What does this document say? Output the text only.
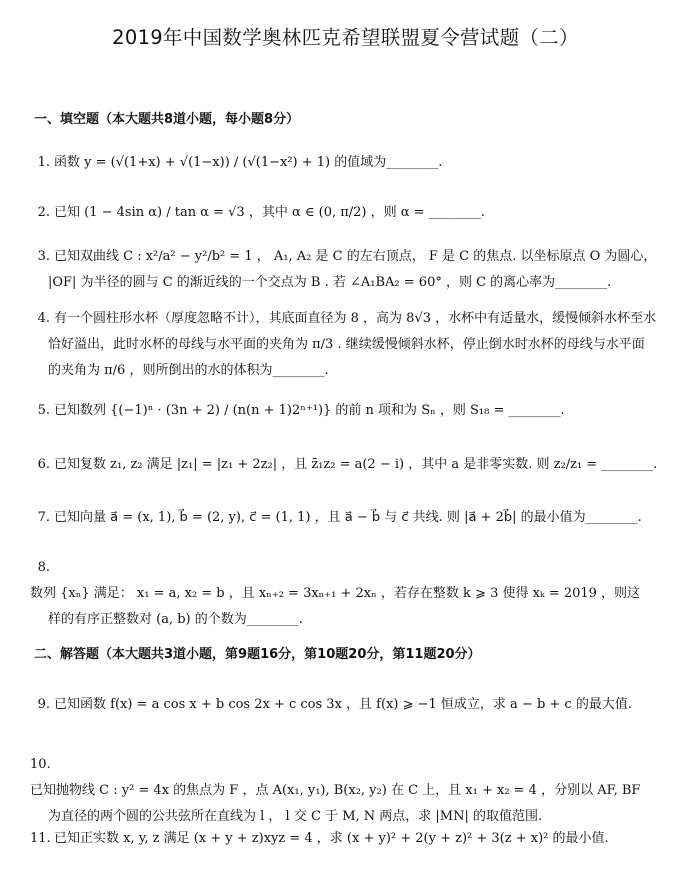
2019年中国数学奥林匹克希望联盟夏令营试题（二）
一、填空题（本大题共8道小题，每小题8分）
1. 函数 y = (√(1+x) + √(1−x)) / (√(1−x²) + 1) 的值域为________.
2. 已知 (1 − 4sin α) / tan α = √3 ，其中 α ∈ (0, π/2) ，则 α = ________.
3. 已知双曲线 C : x²/a² − y²/b² = 1 ， A₁, A₂ 是 C 的左右顶点， F 是 C 的焦点. 以坐标原点 O 为圆心，
|OF| 为半径的圆与 C 的渐近线的一个交点为 B . 若 ∠A₁BA₂ = 60° ，则 C 的离心率为________.
4. 有一个圆柱形水杯（厚度忽略不计），其底面直径为 8 ，高为 8√3 ，水杯中有适量水，缓慢倾斜水杯至水
恰好溢出，此时水杯的母线与水平面的夹角为 π/3 . 继续缓慢倾斜水杯，停止倒水时水杯的母线与水平面
的夹角为 π/6 ，则所倒出的水的体积为________.
5. 已知数列 {(−1)ⁿ · (3n + 2) / (n(n + 1)2ⁿ⁺¹)} 的前 n 项和为 Sₙ ，则 S₁₈ = ________.
6. 已知复数 z₁, z₂ 满足 |z₁| = |z₁ + 2z₂| ，且 z̄₁z₂ = a(2 − i) ，其中 a 是非零实数. 则 z₂/z₁ = ________.
7. 已知向量 a⃗ = (x, 1), b⃗ = (2, y), c⃗ = (1, 1) ，且 a⃗ − b⃗ 与 c⃗ 共线. 则 |a⃗ + 2b⃗| 的最小值为________.
8.数列 {xₙ} 满足： x₁ = a, x₂ = b ，且 xₙ₊₂ = 3xₙ₊₁ + 2xₙ ，若存在整数 k ⩾ 3 使得 xₖ = 2019 ，则这
样的有序正整数对 (a, b) 的个数为________.
二、解答题（本大题共3道小题，第9题16分，第10题20分，第11题20分）
9. 已知函数 f(x) = a cos x + b cos 2x + c cos 3x ，且 f(x) ⩾ −1 恒成立，求 a − b + c 的最大值.
10.已知抛物线 C : y² = 4x 的焦点为 F ，点 A(x₁, y₁), B(x₂, y₂) 在 C 上，且 x₁ + x₂ = 4 ，分别以 AF, BF
为直径的两个圆的公共弦所在直线为 l ， l 交 C 于 M, N 两点，求 |MN| 的取值范围.
11. 已知正实数 x, y, z 满足 (x + y + z)xyz = 4 ，求 (x + y)² + 2(y + z)² + 3(z + x)² 的最小值.
